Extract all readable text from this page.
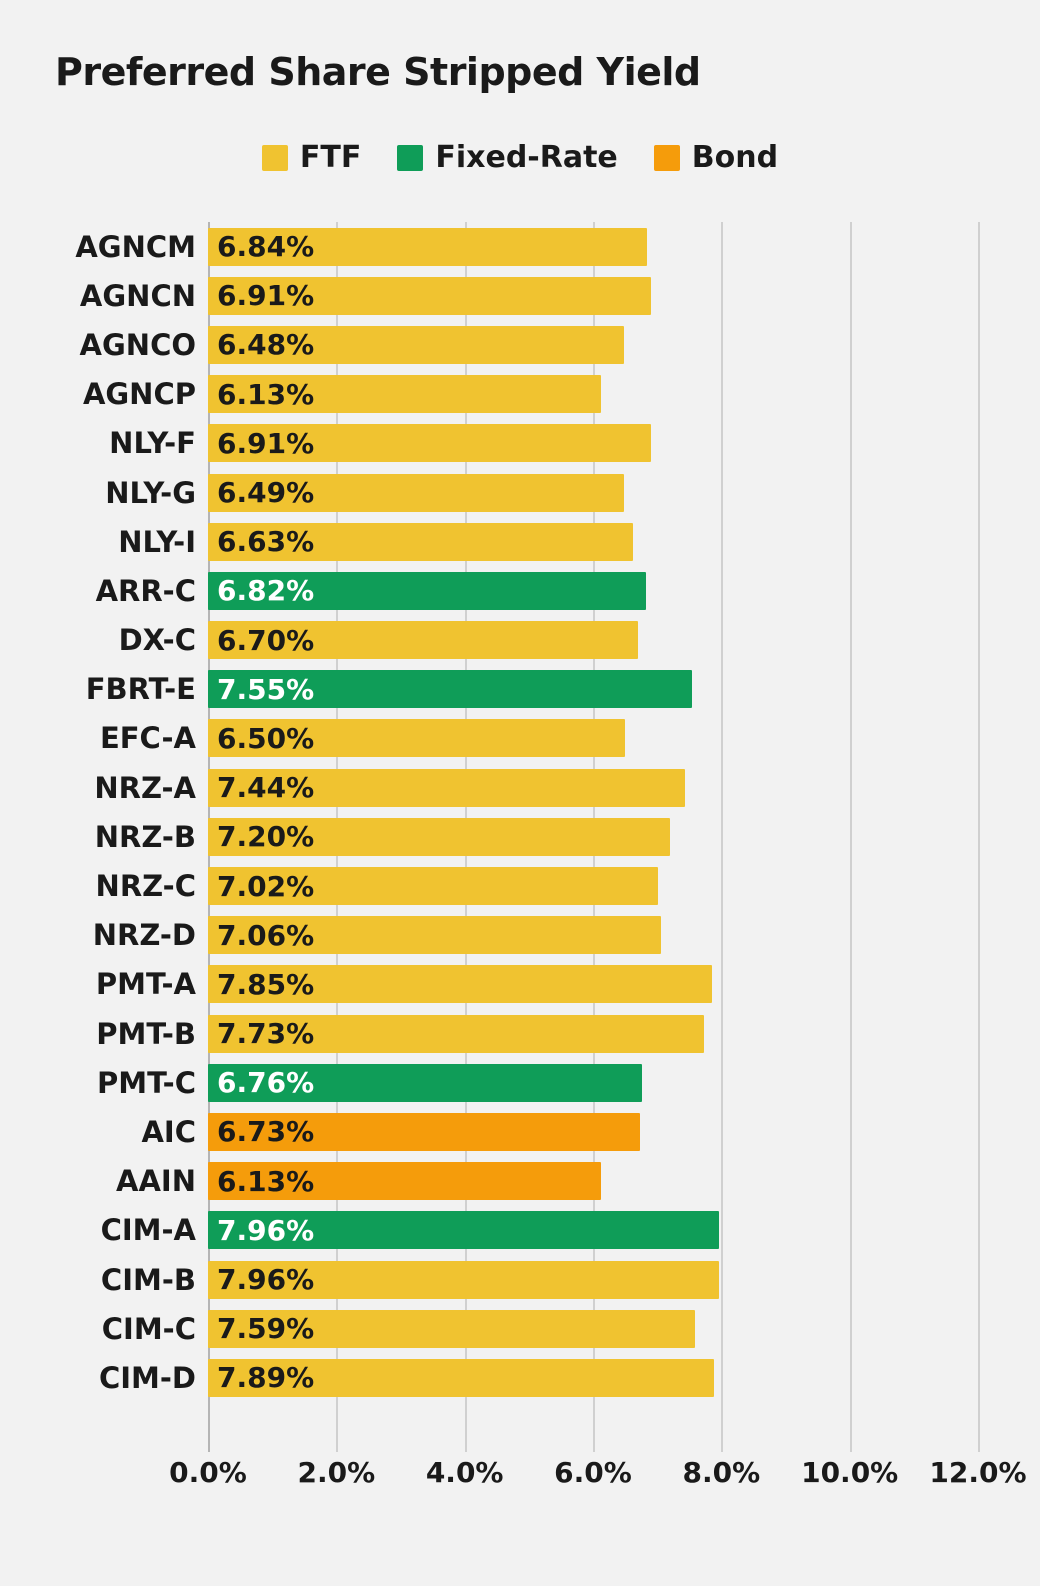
Preferred Share Stripped Yield
FTF Fixed-Rate Bond
AGNCM 6.84%
AGNCN 6.91%
AGNCO 6.48%
AGNCP 6.13%
NLY-F 6.91%
NLY-G 6.49%
NLY-I 6.63%
ARR-C 6.82%
DX-C 6.70%
FBRT-E 7.55%
EFC-A 6.50%
NRZ-A 7.44%
NRZ-B 7.20%
NRZ-C 7.02%
NRZ-D 7.06%
PMT-A 7.85%
PMT-B 7.73%
PMT-C 6.76%
AIC 6.73%
AAIN 6.13%
CIM-A 7.96%
CIM-B 7.96%
CIM-C 7.59%
CIM-D 7.89%
0.0% 2.0% 4.0% 6.0% 8.0% 10.0% 12.0%
